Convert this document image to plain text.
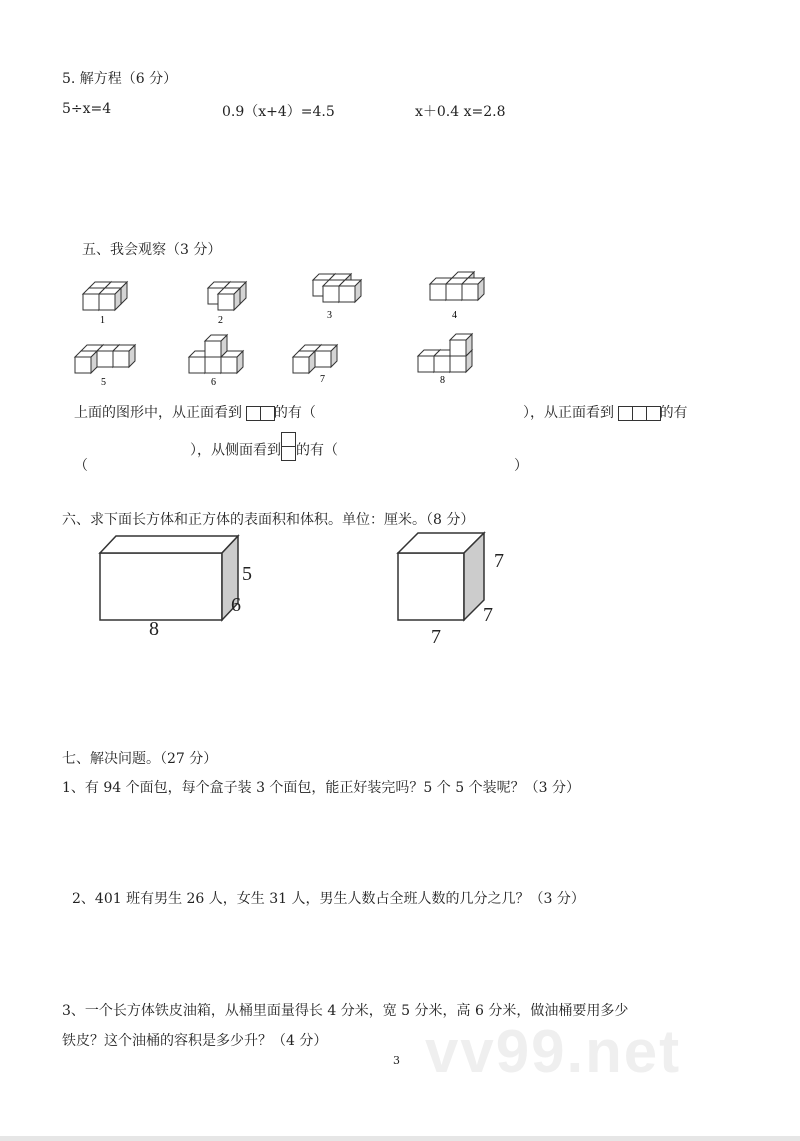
vv99.net
5. 解方程（6 分）
5÷x=4	0.9（x+4）=4.5	x＋0.4 x=2.8
五、我会观察（3 分）
1	2	3	4
5	6	7	8
上面的图形中，从正面看到 的有（	），从正面看到	的有
（
），从侧面看到 的有（
）
六、求下面长方体和正方体的表面积和体积。单位：厘米。（8 分）
5
6
8
7
7
7
七、解决问题。（27 分）
1、有 94 个面包，每个盒子装 3 个面包，能正好装完吗？5 个 5 个装呢？（3 分）
2、401 班有男生 26 人，女生 31 人，男生人数占全班人数的几分之几？（3 分）
3、一个长方体铁皮油箱，从桶里面量得长 4 分米，宽 5 分米，高 6 分米，做油桶要用多少
铁皮？这个油桶的容积是多少升？（4 分）
3
